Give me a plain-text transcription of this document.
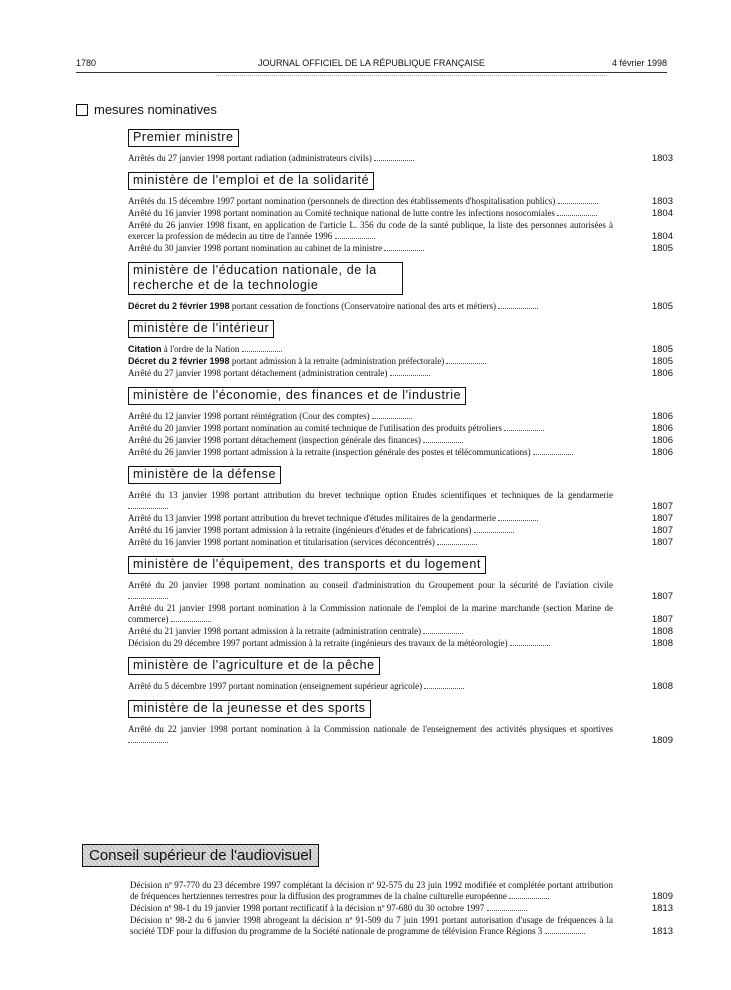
1780	JOURNAL OFFICIEL DE LA RÉPUBLIQUE FRANÇAISE	4 février 1998
mesures nominatives
Premier ministre
Arrêtés du 27 janvier 1998 portant radiation (administrateurs civils)	1803
ministère de l'emploi et de la solidarité
Arrêtés du 15 décembre 1997 portant nomination (personnels de direction des établissements d'hospitalisation publics)	1803
Arrêté du 16 janvier 1998 portant nomination au Comité technique national de lutte contre les infections nosocomiales	1804
Arrêté du 26 janvier 1998 fixant, en application de l'article L. 356 du code de la santé publique, la liste des personnes autorisées à exercer la profession de médecin au titre de l'année 1996	1804
Arrêté du 30 janvier 1998 portant nomination au cabinet de la ministre	1805
ministère de l'éducation nationale, de la recherche et de la technologie
Décret du 2 février 1998 portant cessation de fonctions (Conservatoire national des arts et métiers)	1805
ministère de l'intérieur
Citation à l'ordre de la Nation	1805
Décret du 2 février 1998 portant admission à la retraite (administration préfectorale)	1805
Arrêté du 27 janvier 1998 portant détachement (administration centrale)	1806
ministère de l'économie, des finances et de l'industrie
Arrêté du 12 janvier 1998 portant réintégration (Cour des comptes)	1806
Arrêté du 20 janvier 1998 portant nomination au comité technique de l'utilisation des produits pétroliers	1806
Arrêté du 26 janvier 1998 portant détachement (inspection générale des finances)	1806
Arrêté du 26 janvier 1998 portant admission à la retraite (inspection générale des postes et télécommunications)	1806
ministère de la défense
Arrêté du 13 janvier 1998 portant attribution du brevet technique option Etudes scientifiques et techniques de la gendarmerie
1807
Arrêté du 13 janvier 1998 portant attribution du brevet technique d'études militaires de la gendarmerie	1807
Arrêté du 16 janvier 1998 portant admission à la retraite (ingénieurs d'études et de fabrications)	1807
Arrêté du 16 janvier 1998 portant nomination et titularisation (services déconcentrés)	1807
ministère de l'équipement, des transports et du logement
Arrêté du 20 janvier 1998 portant nomination au conseil d'administration du Groupement pour la sécurité de l'aviation civile
1807
Arrêté du 21 janvier 1998 portant nomination à la Commission nationale de l'emploi de la marine marchande (section Marine de commerce)	1807
Arrêté du 21 janvier 1998 portant admission à la retraite (administration centrale)	1808
Décision du 29 décembre 1997 portant admission à la retraite (ingénieurs des travaux de la météorologie)	1808
ministère de l'agriculture et de la pêche
Arrêté du 5 décembre 1997 portant nomination (enseignement supérieur agricole)	1808
ministère de la jeunesse et des sports
Arrêté du 22 janvier 1998 portant nomination à la Commission nationale de l'enseignement des activités physiques et sportives
1809
Conseil supérieur de l'audiovisuel
Décision nº 97-770 du 23 décembre 1997 complétant la décision nº 92-575 du 23 juin 1992 modifiée et complétée portant attribution de fréquences hertziennes terrestres pour la diffusion des programmes de la chaîne culturelle européenne	1809
Décision nº 98-1 du 19 janvier 1998 portant rectificatif à la décision nº 97-680 du 30 octobre 1997	1813
Décision nº 98-2 du 6 janvier 1998 abrogeant la décision nº 91-509 du 7 juin 1991 portant autorisation d'usage de fréquences à la société TDF pour la diffusion du programme de la Société nationale de programme de télévision France Régions 3	1813
